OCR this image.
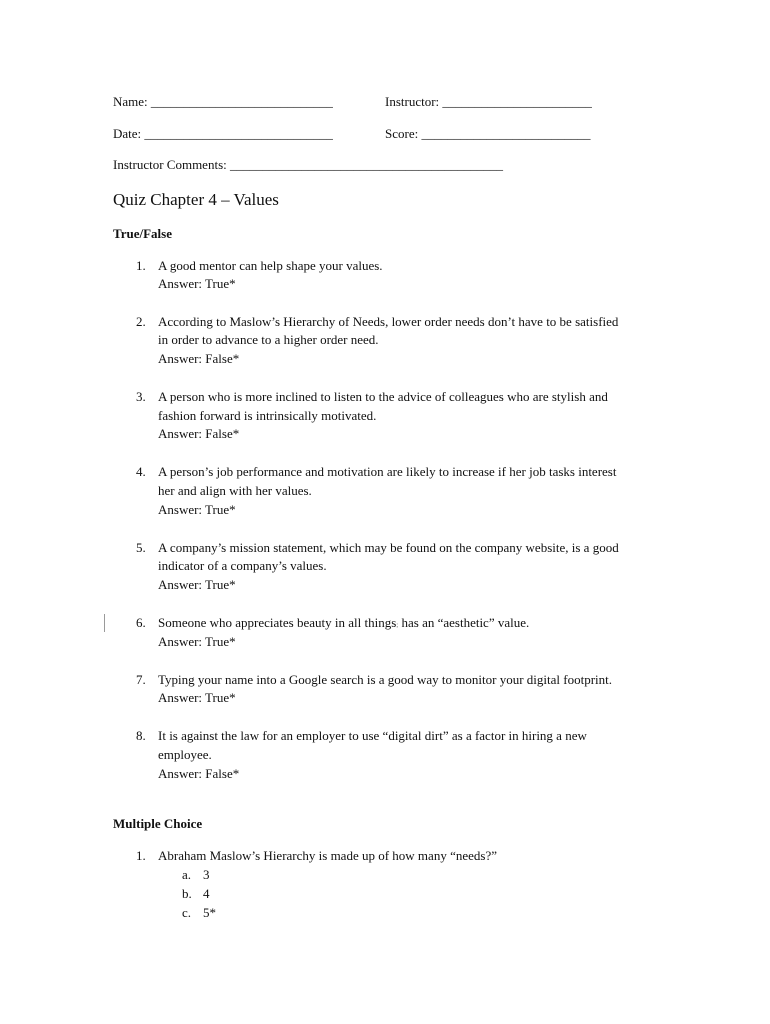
Name: ____________________________	Instructor: _______________________
Date: _____________________________	Score: __________________________
Instructor Comments: __________________________________________
Quiz Chapter 4 – Values
True/False
1. A good mentor can help shape your values.
Answer: True*
2. According to Maslow’s Hierarchy of Needs, lower order needs don’t have to be satisfied
in order to advance to a higher order need.
Answer: False*
3. A person who is more inclined to listen to the advice of colleagues who are stylish and
fashion forward is intrinsically motivated.
Answer: False*
4. A person’s job performance and motivation are likely to increase if her job tasks interest
her and align with her values.
Answer: True*
5. A company’s mission statement, which may be found on the company website, is a good
indicator of a company’s values.
Answer: True*
6. Someone who appreciates beauty in all things; has an “aesthetic” value.
Answer: True*
7. Typing your name into a Google search is a good way to monitor your digital footprint.
Answer: True*
8. It is against the law for an employer to use “digital dirt” as a factor in hiring a new
employee.
Answer: False*
Multiple Choice
1. Abraham Maslow’s Hierarchy is made up of how many “needs?”
a. 3
b. 4
c. 5*
